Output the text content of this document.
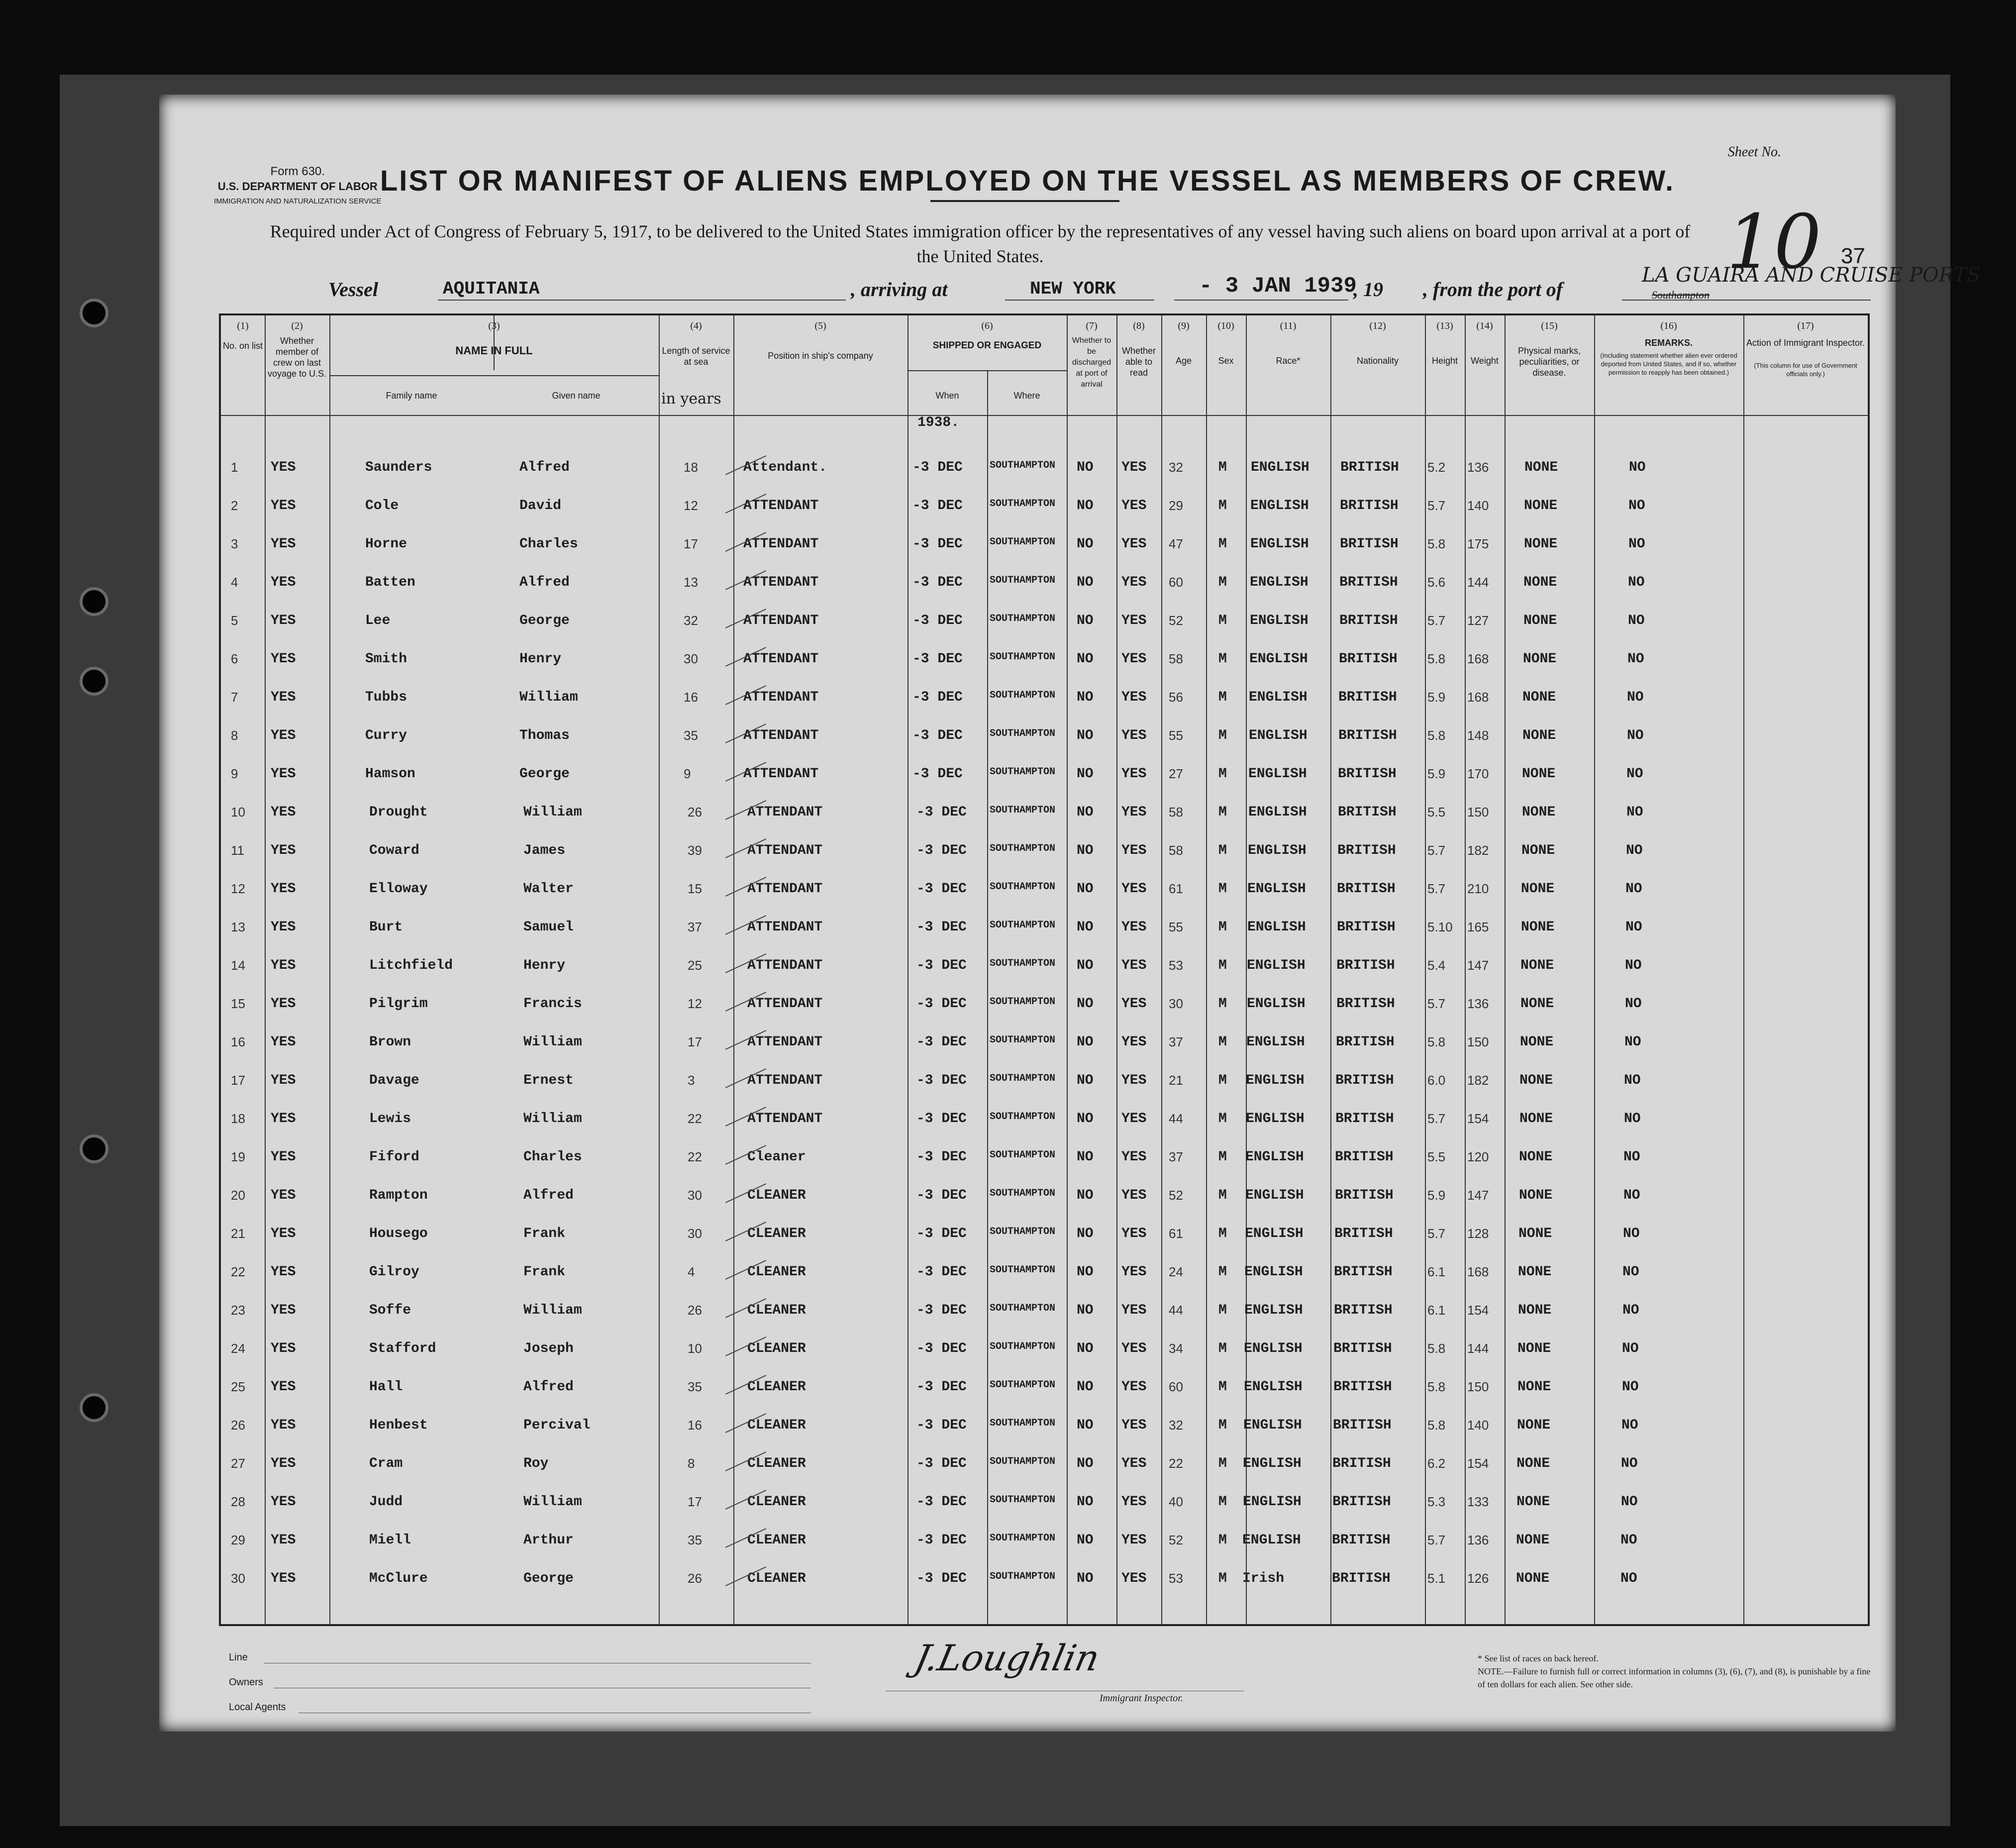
Form 630.
U.S. DEPARTMENT OF LABOR
IMMIGRATION AND NATURALIZATION SERVICE
Sheet No.
LIST OR MANIFEST OF ALIENS EMPLOYED ON THE VESSEL AS MEMBERS OF CREW.
Required under Act of Congress of February 5, 1917, to be delivered to the United States immigration officer by the representatives of any vessel having such aliens on board upon arrival at a port of the United States.	10 37
Vessel	AQUITANIA	, arriving at	NEW YORK	- 3 JAN 1939
, 19 , from the port of
LA GUAIRA AND CRUISE PORTS
Southampton
(1)	(2)	(3)	(4)	(5)	(6)	(7)	(8)	(9)	(10)	(11)	(12)	(13)	(14)	(15)	(16)	(17)
No. on list	Whether member of crew on last voyage to U.S.
NAME IN FULL
Family name	Given name
Length of service at sea
in years
Position in ship's company
SHIPPED OR ENGAGED
When	Where
Whether to be discharged at port of arrival
Whether able to read
Age	Sex	Race*	Nationality	Height	Weight
Physical marks, peculiarities, or disease.
REMARKS.
(Including statement whether alien ever ordered deported from United States, and if so, whether permission to reapply has been obtained.)
Action of Immigrant Inspector.
(This column for use of Government officials only.)
1938.
1 YES	Saunders	Alfred	18	Attendant.	-3 DEC	SOUTHAMPTON NO YES 32	M ENGLISH BRITISH 5.2 136	NONE	NO
2 YES	Cole	David	12	ATTENDANT	-3 DEC	SOUTHAMPTON NO YES 29	M ENGLISH BRITISH 5.7 140	NONE	NO
3 YES	Horne	Charles	17	ATTENDANT	-3 DEC	SOUTHAMPTON NO YES 47	M ENGLISH BRITISH 5.8 175	NONE	NO
4 YES	Batten	Alfred	13	ATTENDANT	-3 DEC	SOUTHAMPTON NO YES 60	M ENGLISH BRITISH 5.6 144 NONE	NO
5 YES	Lee	George	32	ATTENDANT	-3 DEC	SOUTHAMPTON NO YES 52	M ENGLISH BRITISH 5.7 127 NONE	NO
6 YES	Smith	Henry	30	ATTENDANT	-3 DEC	SOUTHAMPTON NO YES 58	M ENGLISH BRITISH 5.8 168 NONE	NO
7 YES	Tubbs	William	16	ATTENDANT	-3 DEC	SOUTHAMPTON NO YES 56	M ENGLISH BRITISH 5.9 168 NONE	NO
8 YES	Curry	Thomas	35	ATTENDANT	-3 DEC	SOUTHAMPTON NO YES 55	M ENGLISH BRITISH 5.8 148 NONE	NO
9 YES	Hamson	George	9	ATTENDANT	-3 DEC	SOUTHAMPTON NO YES 27	M ENGLISH BRITISH 5.9 170 NONE	NO
10 YES	Drought	William	26	ATTENDANT	-3 DEC SOUTHAMPTON NO YES 58	M ENGLISH BRITISH 5.5 150 NONE	NO
11 YES	Coward	James	39	ATTENDANT	-3 DEC SOUTHAMPTON NO YES 58	M ENGLISH BRITISH 5.7 182 NONE	NO
12 YES	Elloway	Walter	15	ATTENDANT	-3 DEC SOUTHAMPTON NO YES 61	M ENGLISH BRITISH 5.7 210 NONE	NO
13 YES	Burt	Samuel	37	ATTENDANT	-3 DEC SOUTHAMPTON NO YES 55	M ENGLISH BRITISH 5.10 165 NONE	NO
14 YES	Litchfield	Henry	25	ATTENDANT	-3 DEC SOUTHAMPTON NO YES 53	M ENGLISH BRITISH	5.4 147 NONE	NO
15 YES	Pilgrim	Francis	12	ATTENDANT	-3 DEC SOUTHAMPTON NO YES 30	M ENGLISH BRITISH	5.7 136 NONE	NO
16 YES	Brown	William	17	ATTENDANT	-3 DEC SOUTHAMPTON NO YES 37	M ENGLISH BRITISH	5.8 150 NONE	NO
17 YES	Davage	Ernest	3	ATTENDANT	-3 DEC SOUTHAMPTON NO YES 21	M ENGLISH BRITISH	6.0 182 NONE	NO
18 YES	Lewis	William	22	ATTENDANT	-3 DEC SOUTHAMPTON NO YES 44	M ENGLISH BRITISH	5.7 154 NONE	NO
19 YES	Fiford	Charles	22	Cleaner	-3 DEC SOUTHAMPTON NO YES 37	M ENGLISH BRITISH	5.5 120 NONE	NO
20 YES	Rampton	Alfred	30	CLEANER	-3 DEC SOUTHAMPTON NO YES 52	M ENGLISH BRITISH	5.9 147 NONE	NO
21 YES	Housego	Frank	30	CLEANER	-3 DEC SOUTHAMPTON NO YES 61	M ENGLISH BRITISH	5.7 128 NONE	NO
22 YES	Gilroy	Frank	4	CLEANER	-3 DEC SOUTHAMPTON NO YES 24	M ENGLISH BRITISH	6.1 168 NONE	NO
23 YES	Soffe	William	26	CLEANER	-3 DEC SOUTHAMPTON NO YES 44	M ENGLISH BRITISH	6.1 154 NONE	NO
24 YES	Stafford	Joseph	10	CLEANER	-3 DEC SOUTHAMPTON NO YES 34	M ENGLISH BRITISH	5.8 144 NONE	NO
25 YES	Hall	Alfred	35	CLEANER	-3 DEC SOUTHAMPTON NO YES 60	M ENGLISH BRITISH	5.8 150 NONE	NO
26 YES	Henbest	Percival	16	CLEANER	-3 DEC SOUTHAMPTON NO YES 32	M ENGLISH BRITISH	5.8 140 NONE	NO
27 YES	Cram	Roy	8	CLEANER	-3 DEC SOUTHAMPTON NO YES 22	M ENGLISH BRITISH	6.2 154 NONE	NO
28 YES	Judd	William	17	CLEANER	-3 DEC SOUTHAMPTON NO YES 40	M ENGLISH BRITISH	5.3 133 NONE	NO
29 YES	Miell	Arthur	35	CLEANER	-3 DEC SOUTHAMPTON NO YES 52	M ENGLISH BRITISH	5.7 136 NONE	NO
30 YES	McClure	George	26	CLEANER	-3 DEC SOUTHAMPTON NO YES 53	M Irish	BRITISH	5.1 126 NONE	NO
Line
Owners
Local Agents
J.Loughlin
Immigrant Inspector.
* See list of races on back hereof.
NOTE.—Failure to furnish full or correct information in columns (3), (6), (7), and (8), is punishable by a fine of ten dollars for each alien. See other side.
